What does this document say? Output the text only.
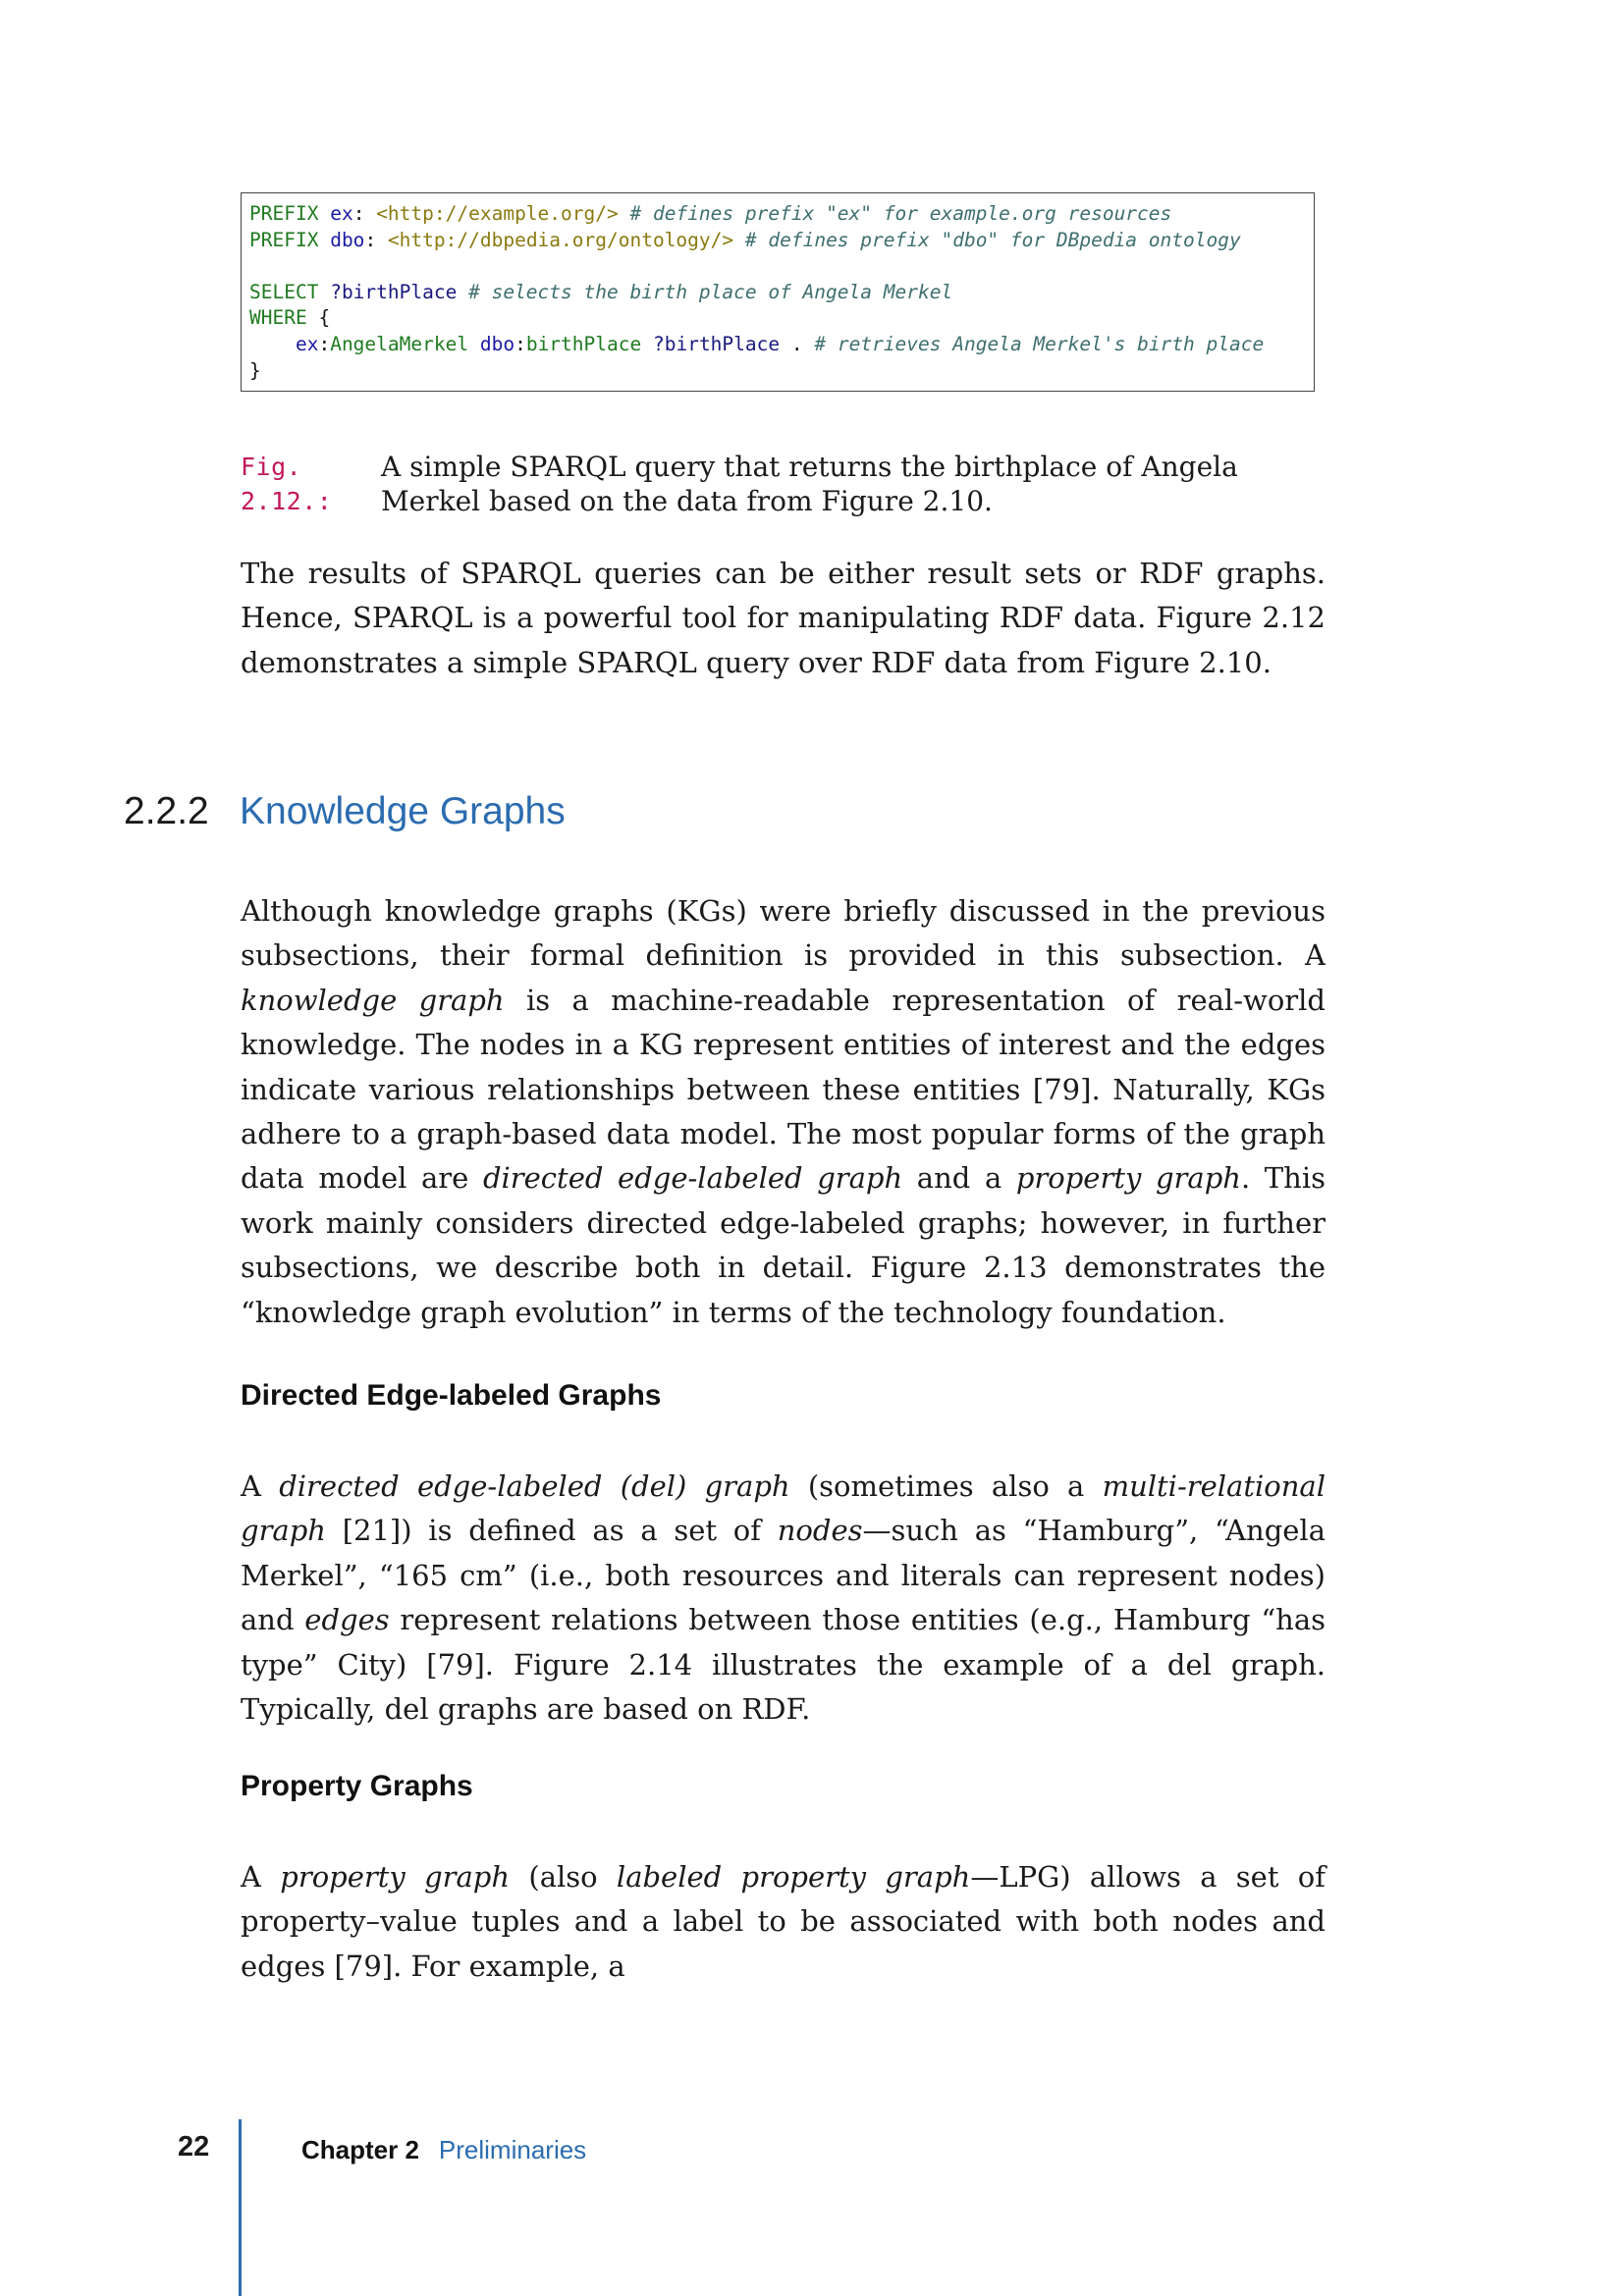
PREFIX ex: <http://example.org/> # defines prefix "ex" for example.org resources
PREFIX dbo: <http://dbpedia.org/ontology/> # defines prefix "dbo" for DBpedia ontology
SELECT ?birthPlace # selects the birth place of Angela Merkel
WHERE {
ex:AngelaMerkel dbo:birthPlace ?birthPlace . # retrieves Angela Merkel's birth place
}
Fig. 2.12.:
A simple SPARQL query that returns the birthplace of Angela Merkel based on the data from Figure 2.10.

The results of SPARQL queries can be either result sets or RDF graphs. Hence, SPARQL is a powerful tool for manipulating RDF data. Figure 2.12 demonstrates a simple SPARQL query over RDF data from Figure 2.10.

2.2.2 Knowledge Graphs

Although knowledge graphs (KGs) were briefly discussed in the previous subsections, their formal definition is provided in this subsection. A knowledge graph is a machine-readable representation of real-world knowledge. The nodes in a KG represent entities of interest and the edges indicate various relationships between these entities [79]. Naturally, KGs adhere to a graph-based data model. The most popular forms of the graph data model are directed edge-labeled graph and a property graph. This work mainly considers directed edge-labeled graphs; however, in further subsections, we describe both in detail. Figure 2.13 demonstrates the “knowledge graph evolution” in terms of the technology foundation.

Directed Edge-labeled Graphs

A directed edge-labeled (del) graph (sometimes also a multi-relational graph [21]) is defined as a set of nodes—such as “Hamburg”, “Angela Merkel”, “165 cm” (i.e., both resources and literals can represent nodes) and edges represent relations between those entities (e.g., Hamburg “has type” City) [79]. Figure 2.14 illustrates the example of a del graph. Typically, del graphs are based on RDF.

Property Graphs

A property graph (also labeled property graph—LPG) allows a set of property–value tuples and a label to be associated with both nodes and edges [79]. For example, a

22	Chapter 2 Preliminaries
